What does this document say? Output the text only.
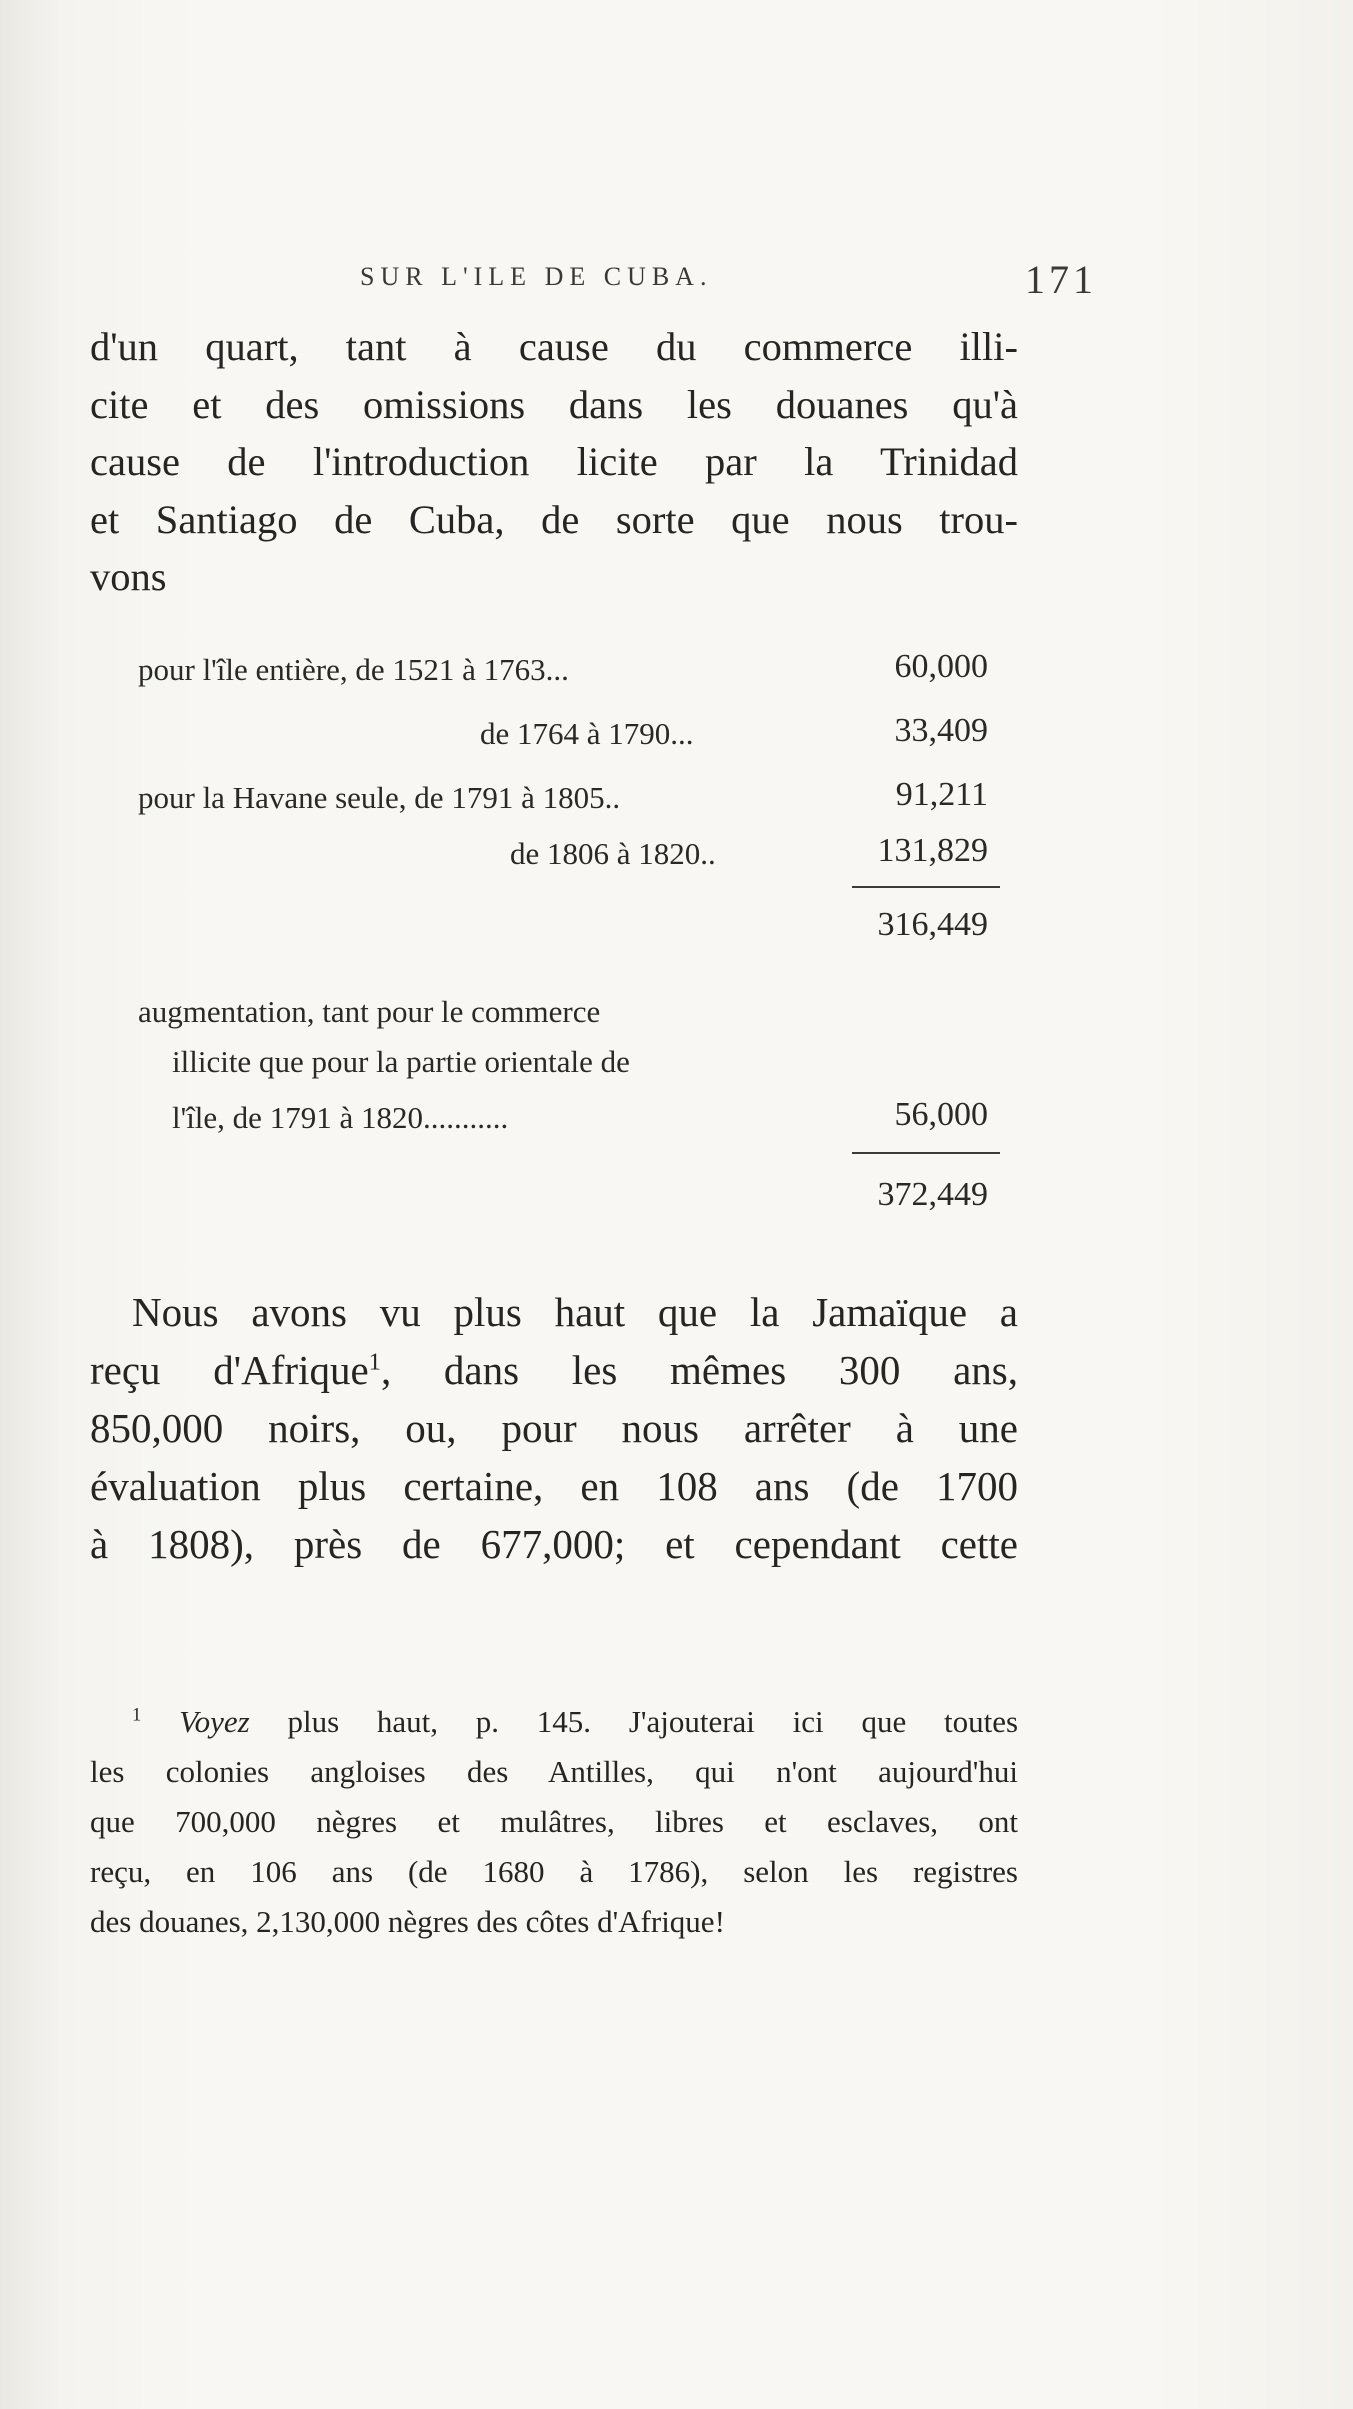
SUR L'ILE DE CUBA.	171
d'un quart, tant à cause du commerce illi-
cite et des omissions dans les douanes qu'à
cause de l'introduction licite par la Trinidad
et Santiago de Cuba, de sorte que nous trou-
vons
pour l'île entière, de 1521 à 1763...	60,000
de 1764 à 1790...	33,409
pour la Havane seule, de 1791 à 1805..	91,211
de 1806 à 1820..	131,829
316,449
augmentation, tant pour le commerce
illicite que pour la partie orientale de
l'île, de 1791 à 1820...........	56,000
372,449
Nous avons vu plus haut que la Jamaïque a
reçu d'Afrique$^1$, dans les mêmes 300 ans,
850,000 noirs, ou, pour nous arrêter à une
évaluation plus certaine, en 108 ans (de 1700
à 1808), près de 677,000; et cependant cette
$^1$ Voyez plus haut, p. 145. J'ajouterai ici que toutes
les colonies angloises des Antilles, qui n'ont aujourd'hui
que 700,000 nègres et mulâtres, libres et esclaves, ont
reçu, en 106 ans (de 1680 à 1786), selon les registres
des douanes, 2,130,000 nègres des côtes d'Afrique!
